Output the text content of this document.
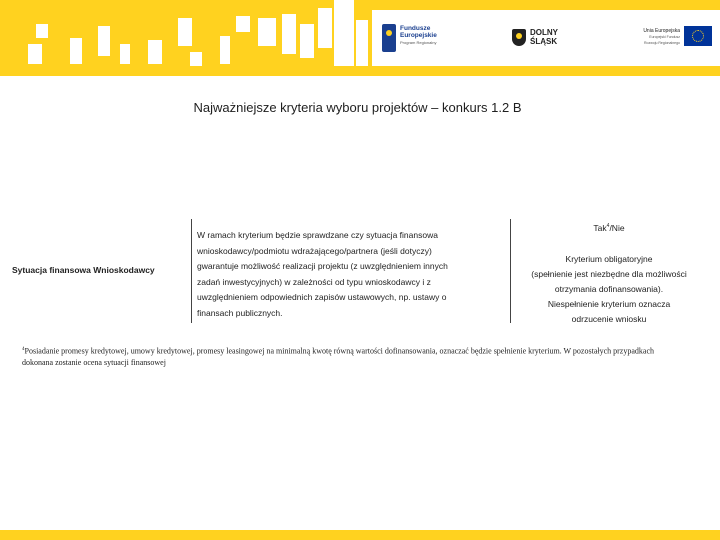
Fundusze
Europejskie
Program Regionalny
DOLNY
ŚLĄSK
Unia Europejska
Europejski Fundusz
Rozwoju Regionalnego
Najważniejsze kryteria wyboru projektów – konkurs 1.2 B
Sytuacja finansowa Wnioskodawcy
W ramach kryterium będzie sprawdzane czy sytuacja finansowa
wnioskodawcy/podmiotu wdrażającego/partnera (jeśli dotyczy)
gwarantuje możliwość realizacji projektu (z uwzględnieniem innych
zadań inwestycyjnych) w zależności od typu wnioskodawcy i z
uwzględnieniem odpowiednich zapisów ustawowych, np. ustawy o
finansach publicznych.
Tak$^4$/Nie
Kryterium obligatoryjne
(spełnienie jest niezbędne dla możliwości
otrzymania dofinansowania).
Niespełnienie kryterium oznacza
odrzucenie wniosku
$^4$Posiadanie promesy kredytowej, umowy kredytowej, promesy leasingowej na minimalną kwotę równą wartości dofinansowania, oznaczać będzie spełnienie kryterium. W pozostałych przypadkach dokonana zostanie ocena sytuacji finansowej
